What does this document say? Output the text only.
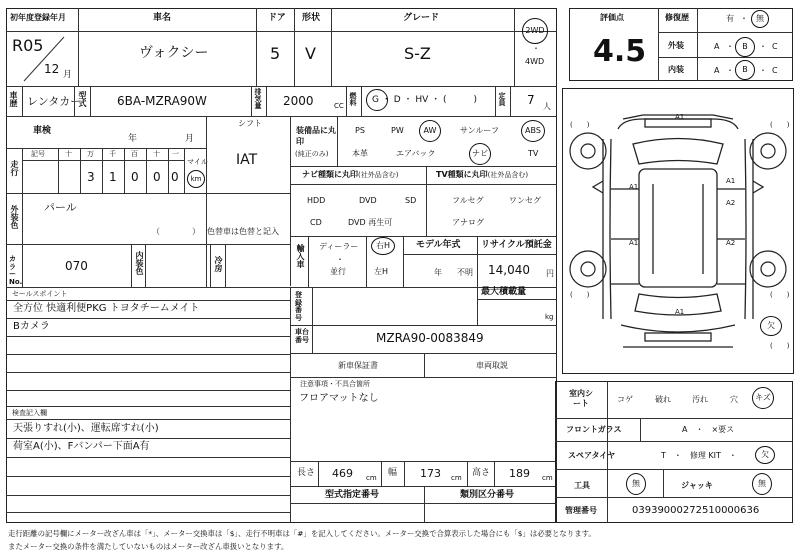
初年度登録年月	車名	ドア 形状	グレード
R05
12 月
ヴォクシー	5 V	S-Z
2WD
・
4WD
車歴 レンタカー
型式	6BA-MZRA90W	排気量 2000	CC 燃料 G ・ D ・ HV ・ (　　　)	定員 7 人
車検
年	月
シフト
IAT
走行
記号	十 万 千 百 十 一
3 1 0 0 0
マイル
km
外装色 パール
（　　　　） 色替車は色替と記入
カラーNo.
070	内装色	冷房
装備品に丸印
(純正のみ)
PS	PW AW	サンルーフ	ABS
本革	エアバック	ナビ	TV
ナビ種類に丸印(社外品含む)	TV種類に丸印(社外品含む)
HDD	DVD	SD
CD	DVD 再生可
フルセグ	ワンセグ
アナログ
輸入車 ディーラー
・
並行
右H
左H
モデル年式
年 不明
リサイクル預託金
14,040 円
登録番号
最大積載量
kg
車台番号	MZRA90-0083849
新車保証書	車両取説
注意事項・不具合箇所
フロアマットなし
セールスポイント
全方位 快適利便PKG トヨタチームメイト
Bカメラ
検査記入欄
天張りすれ(小)、運転席すれ(小)
荷室A(小)、Fバンパー下面A有
長さ 469 cm 幅 173 cm 高さ 189 cm
型式指定番号	類別区分番号
評価点
4.5
修復歴	有 ・ 無
外装	A ・ B ・ C
内装	A ・ B ・ C
A1
A1
A1
A1
A2
A2
A1
(　　)	(　　)
(　　)	(　　)
欠
(　　)
室内シート	コゲ	破れ	汚れ	穴 キズ
フロントガラス	A　・　×要ス
スペアタイヤ	T　・　修理 KIT　・	欠
工具	無	ジャッキ	無
管理番号	03939000272510000636
走行距離の記号欄にメーター改ざん車は「*」、メーター交換車は「$」、走行不明車は「#」を記入してください。メーター交換で合算表示した場合にも「$」は必要となります。
またメーター交換の条件を満たしていないものはメーター改ざん車扱いとなります。
